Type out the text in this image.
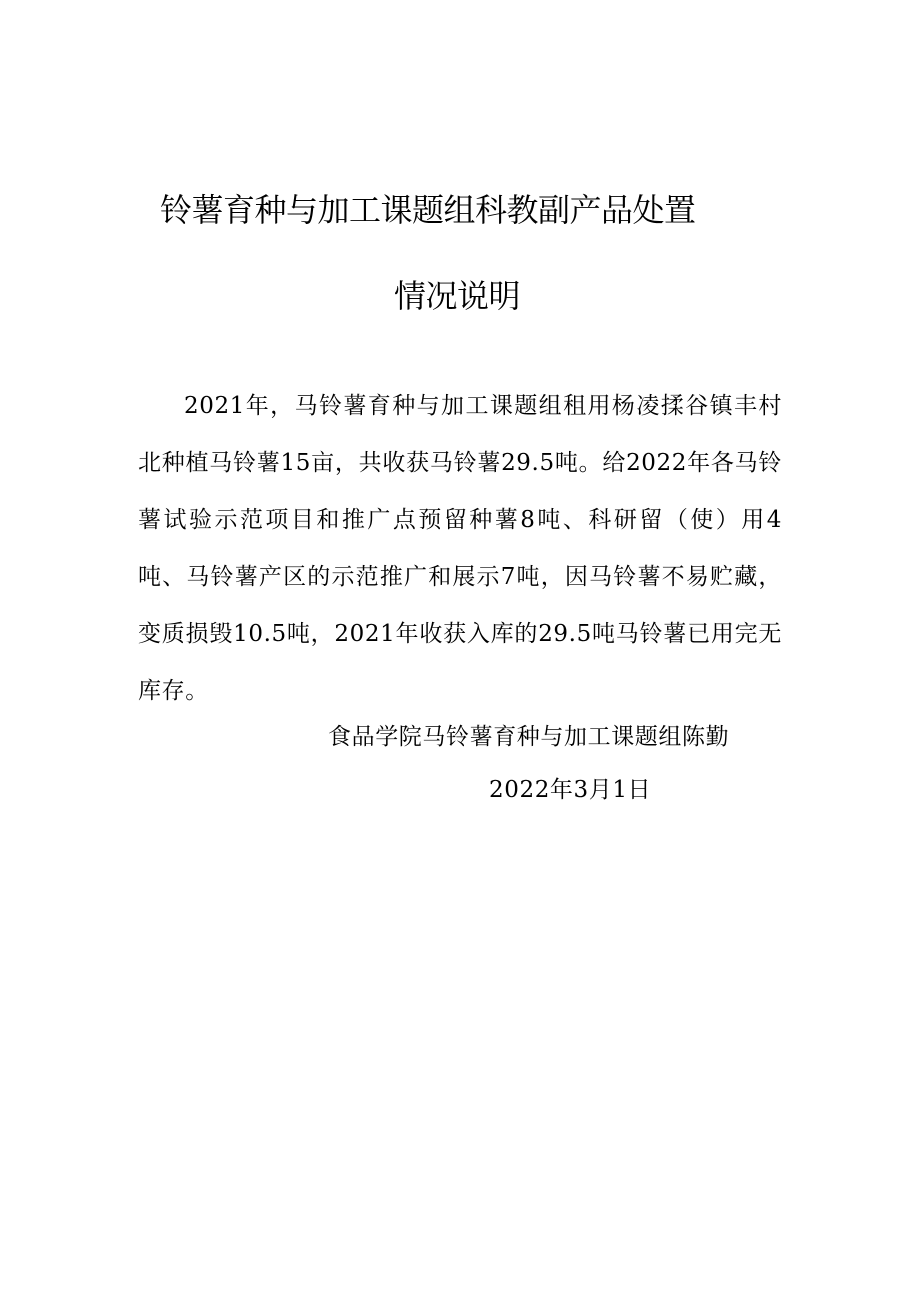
铃薯育种与加工课题组科教副产品处置
情况说明

2021年，马铃薯育种与加工课题组租用杨凌揉谷镇丰村北种植马铃薯15亩，共收获马铃薯29.5吨。给2022年各马铃薯试验示范项目和推广点预留种薯8吨、科研留（使）用4吨、马铃薯产区的示范推广和展示7吨，因马铃薯不易贮藏，变质损毁10.5吨，2021年收获入库的29.5吨马铃薯已用完无库存。

食品学院马铃薯育种与加工课题组陈勤
2022年3月1日
